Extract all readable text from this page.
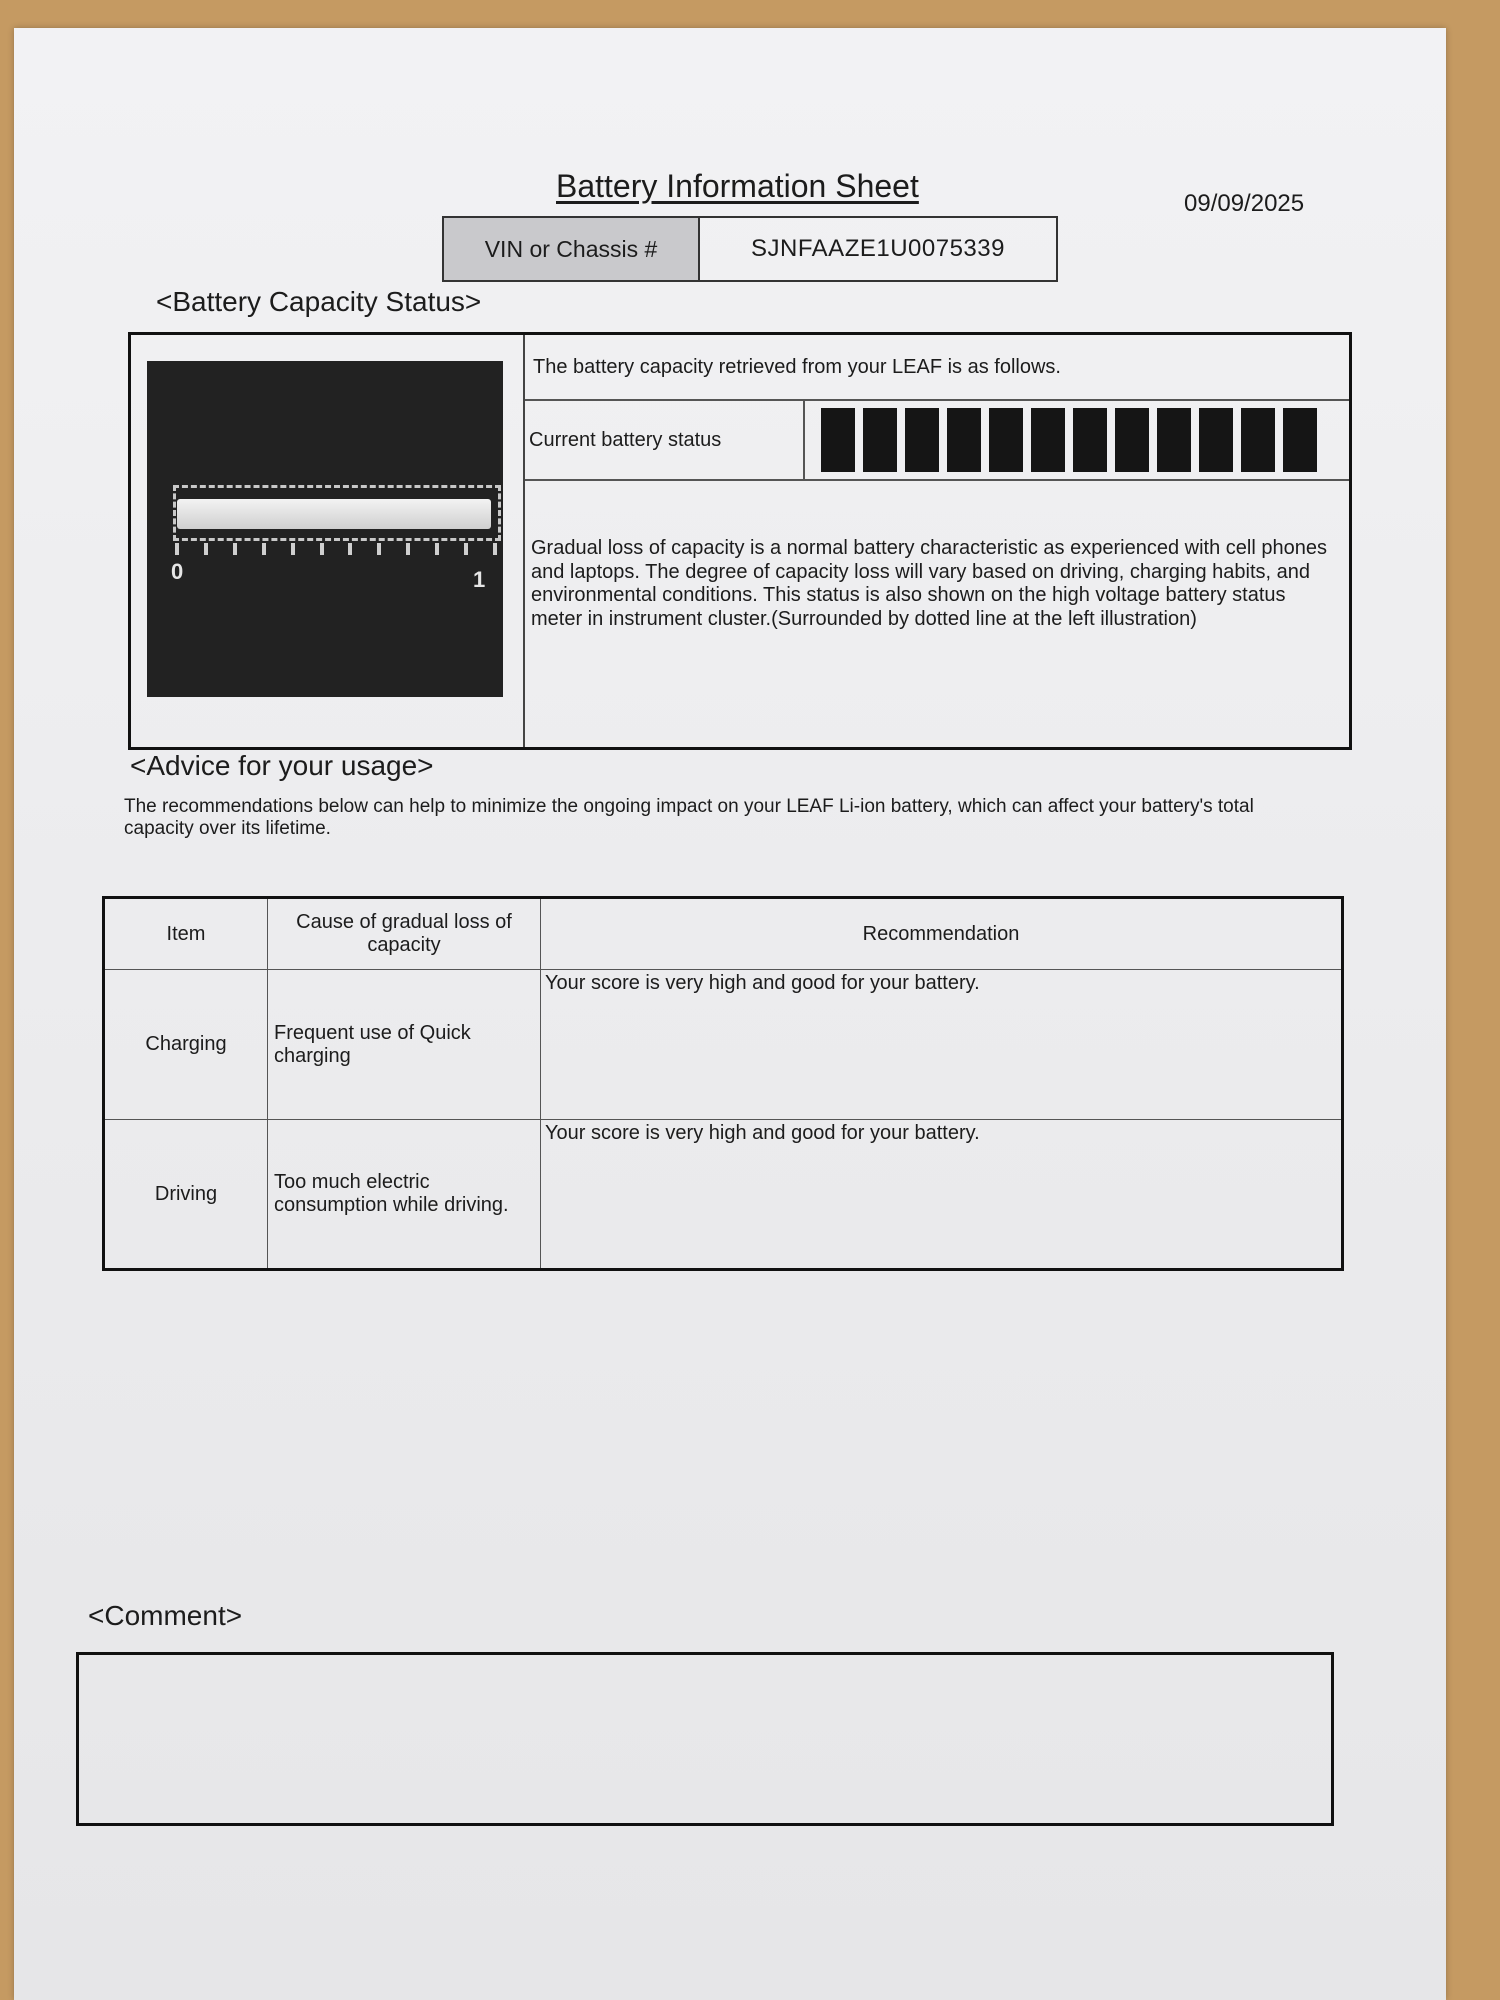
Battery Information Sheet	09/09/2025
VIN or Chassis #	SJNFAAZE1U0075339
<Battery Capacity Status>
0	1
The battery capacity retrieved from your LEAF is as follows.
Current battery status
Gradual loss of capacity is a normal battery characteristic as experienced with cell phones and laptops. The degree of capacity loss will vary based on driving, charging habits, and environmental conditions. This status is also shown on the high voltage battery status meter in instrument cluster.(Surrounded by dotted line at the left illustration)
<Advice for your usage>
The recommendations below can help to minimize the ongoing impact on your LEAF Li-ion battery, which can affect your battery's total capacity over its lifetime.
Item	Cause of gradual loss of capacity	Recommendation
Charging	Frequent use of Quick charging	Your score is very high and good for your battery.
Driving	Too much electric consumption while driving.	Your score is very high and good for your battery.
<Comment>
